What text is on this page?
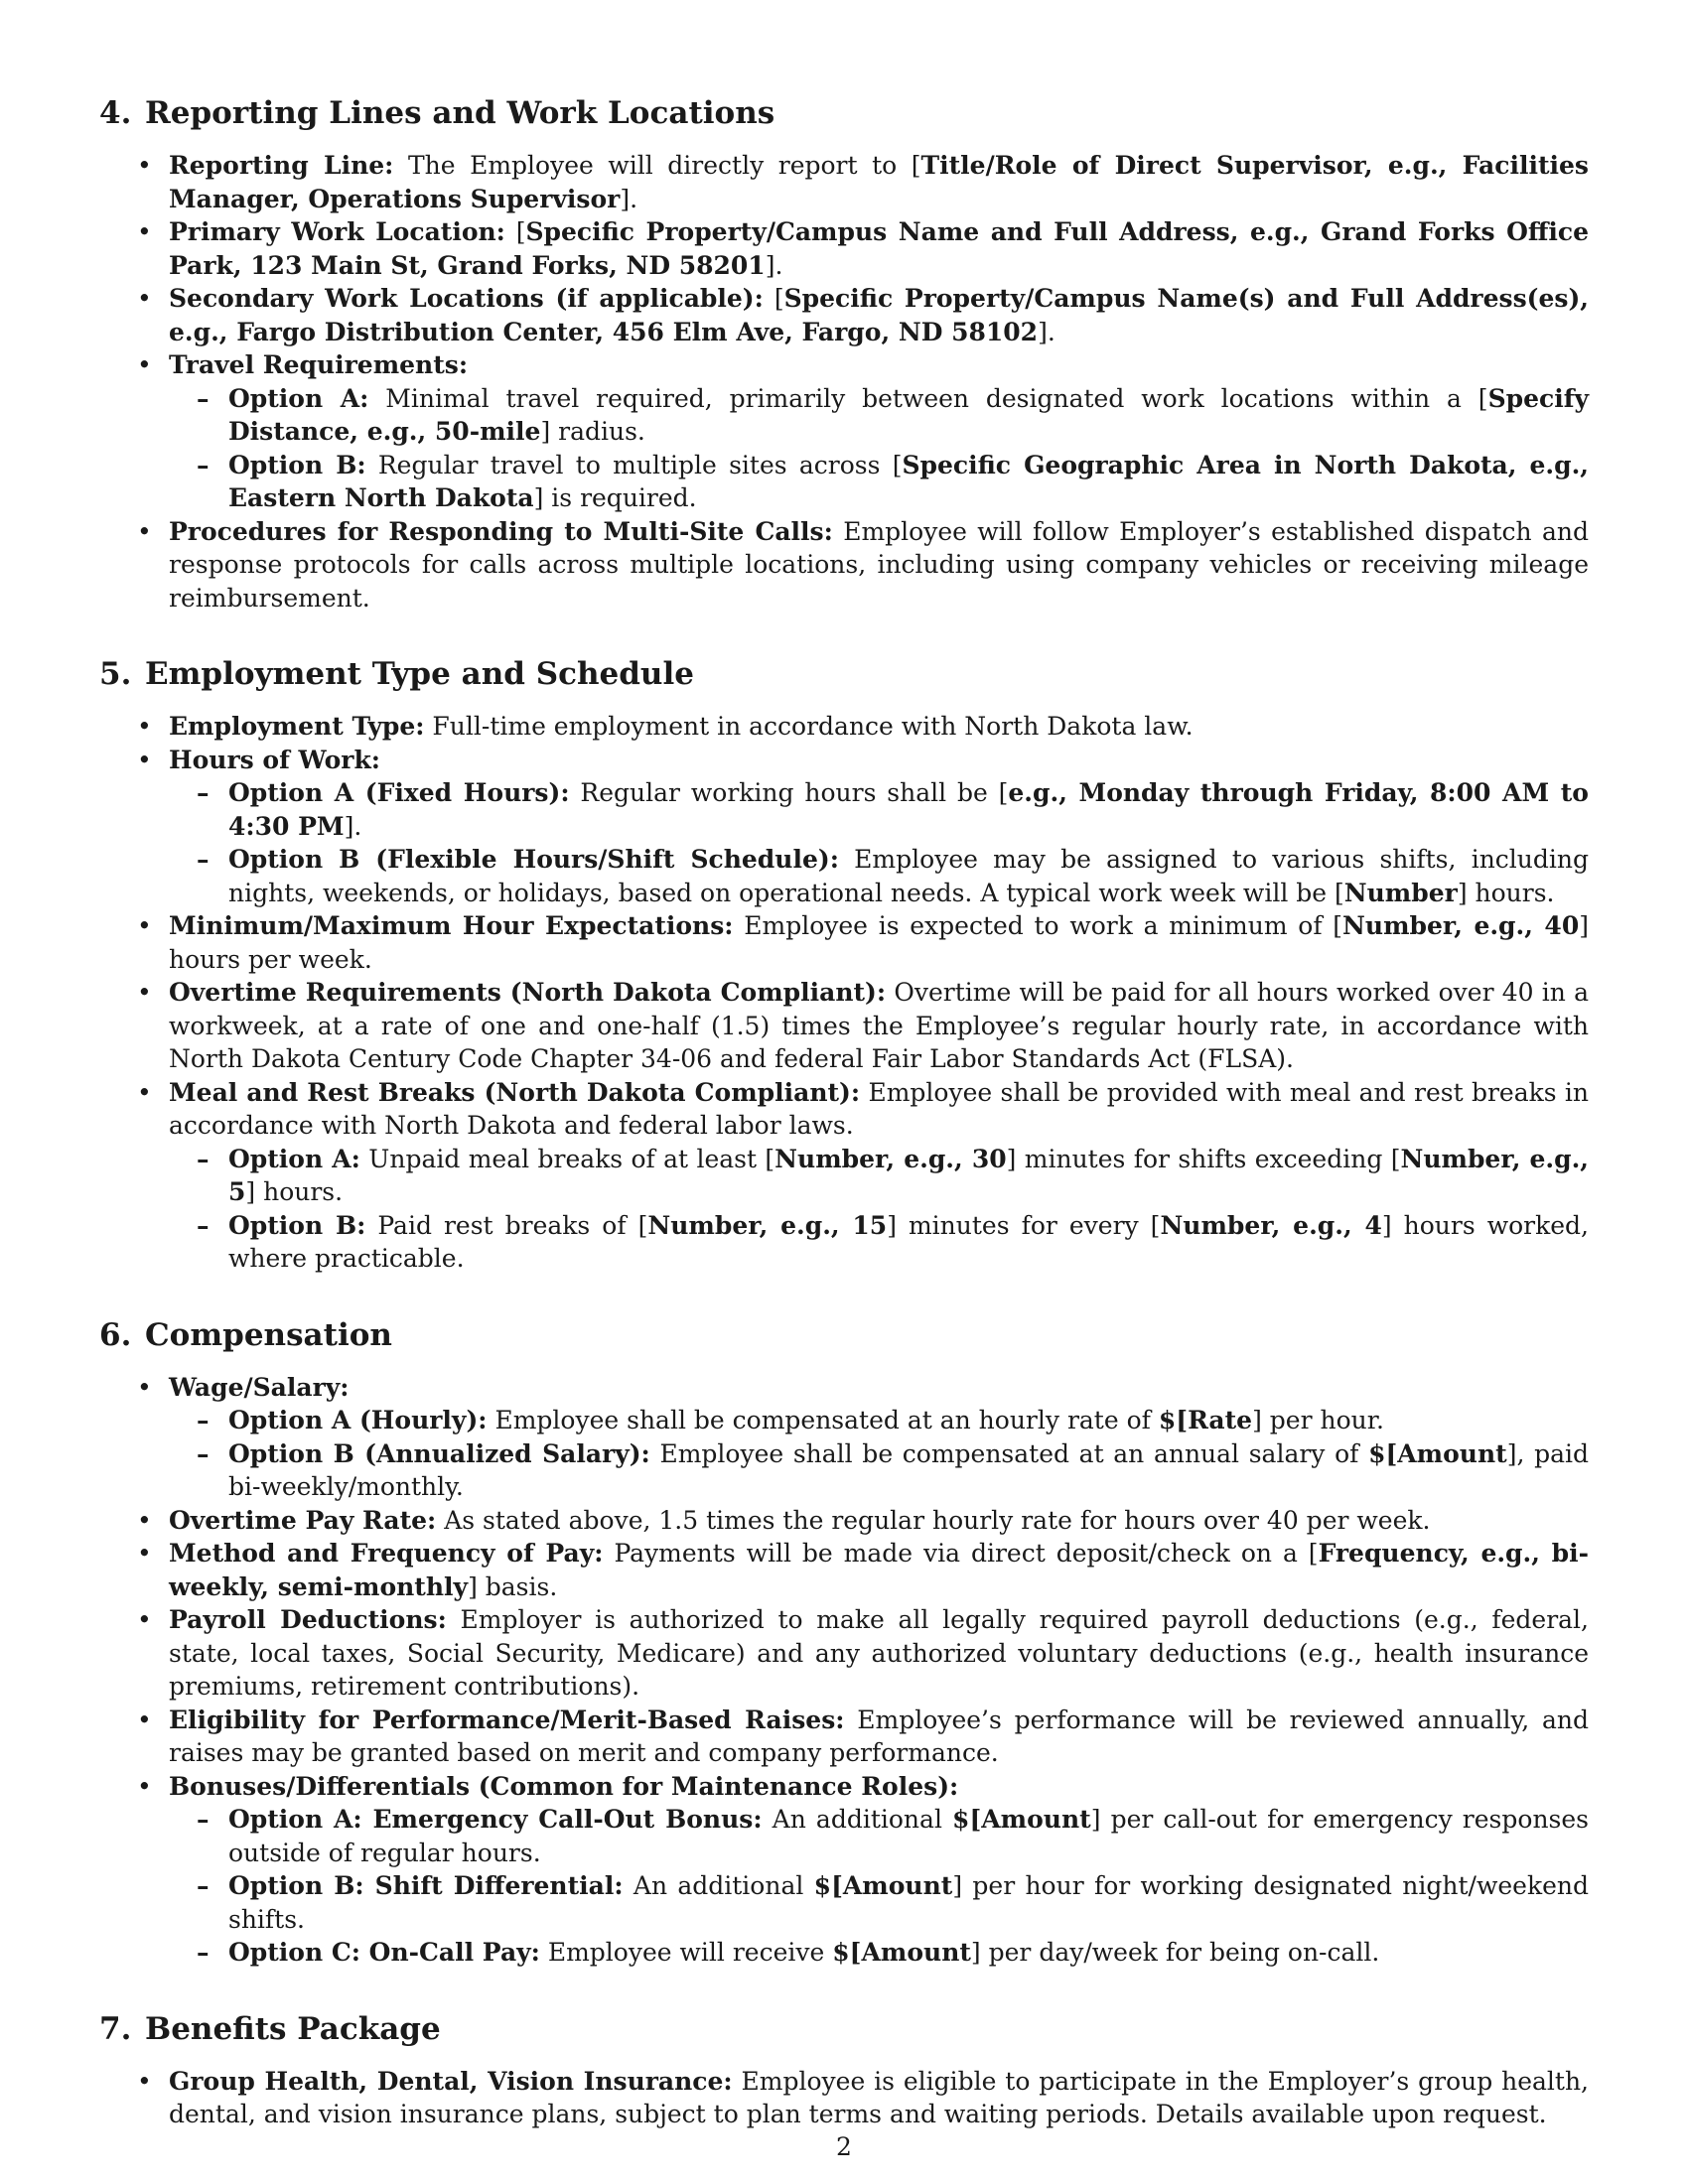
4. Reporting Lines and Work Locations
• Reporting Line: The Employee will directly report to [Title/Role of Direct Supervisor, e.g., Facilities Manager, Operations Supervisor].
• Primary Work Location: [Specific Property/Campus Name and Full Address, e.g., Grand Forks Office Park, 123 Main St, Grand Forks, ND 58201].
• Secondary Work Locations (if applicable): [Specific Property/Campus Name(s) and Full Address(es), e.g., Fargo Distribution Center, 456 Elm Ave, Fargo, ND 58102].
• Travel Requirements:
– Option A: Minimal travel required, primarily between designated work locations within a [Specify Distance, e.g., 50-mile] radius.
– Option B: Regular travel to multiple sites across [Specific Geographic Area in North Dakota, e.g., Eastern North Dakota] is required.
• Procedures for Responding to Multi-Site Calls: Employee will follow Employer’s established dispatch and response protocols for calls across multiple locations, including using company vehicles or receiving mileage reimbursement.
5. Employment Type and Schedule
• Employment Type: Full-time employment in accordance with North Dakota law.
• Hours of Work:
– Option A (Fixed Hours): Regular working hours shall be [e.g., Monday through Friday, 8:00 AM to 4:30 PM].
– Option B (Flexible Hours/Shift Schedule): Employee may be assigned to various shifts, including nights, weekends, or holidays, based on operational needs. A typical work week will be [Number] hours.
• Minimum/Maximum Hour Expectations: Employee is expected to work a minimum of [Number, e.g., 40] hours per week.
• Overtime Requirements (North Dakota Compliant): Overtime will be paid for all hours worked over 40 in a workweek, at a rate of one and one-half (1.5) times the Employee’s regular hourly rate, in accordance with North Dakota Century Code Chapter 34-06 and federal Fair Labor Standards Act (FLSA).
• Meal and Rest Breaks (North Dakota Compliant): Employee shall be provided with meal and rest breaks in accordance with North Dakota and federal labor laws.
– Option A: Unpaid meal breaks of at least [Number, e.g., 30] minutes for shifts exceeding [Number, e.g., 5] hours.
– Option B: Paid rest breaks of [Number, e.g., 15] minutes for every [Number, e.g., 4] hours worked, where practicable.
6. Compensation
• Wage/Salary:
– Option A (Hourly): Employee shall be compensated at an hourly rate of $[Rate] per hour.
– Option B (Annualized Salary): Employee shall be compensated at an annual salary of $[Amount], paid bi-weekly/monthly.
• Overtime Pay Rate: As stated above, 1.5 times the regular hourly rate for hours over 40 per week.
• Method and Frequency of Pay: Payments will be made via direct deposit/check on a [Frequency, e.g., bi-weekly, semi-monthly] basis.
• Payroll Deductions: Employer is authorized to make all legally required payroll deductions (e.g., federal, state, local taxes, Social Security, Medicare) and any authorized voluntary deductions (e.g., health insurance premiums, retirement contributions).
• Eligibility for Performance/Merit-Based Raises: Employee’s performance will be reviewed annually, and raises may be granted based on merit and company performance.
• Bonuses/Differentials (Common for Maintenance Roles):
– Option A: Emergency Call-Out Bonus: An additional $[Amount] per call-out for emergency responses outside of regular hours.
– Option B: Shift Differential: An additional $[Amount] per hour for working designated night/weekend shifts.
– Option C: On-Call Pay: Employee will receive $[Amount] per day/week for being on-call.
7. Benefits Package
• Group Health, Dental, Vision Insurance: Employee is eligible to participate in the Employer’s group health, dental, and vision insurance plans, subject to plan terms and waiting periods. Details available upon request.
2
